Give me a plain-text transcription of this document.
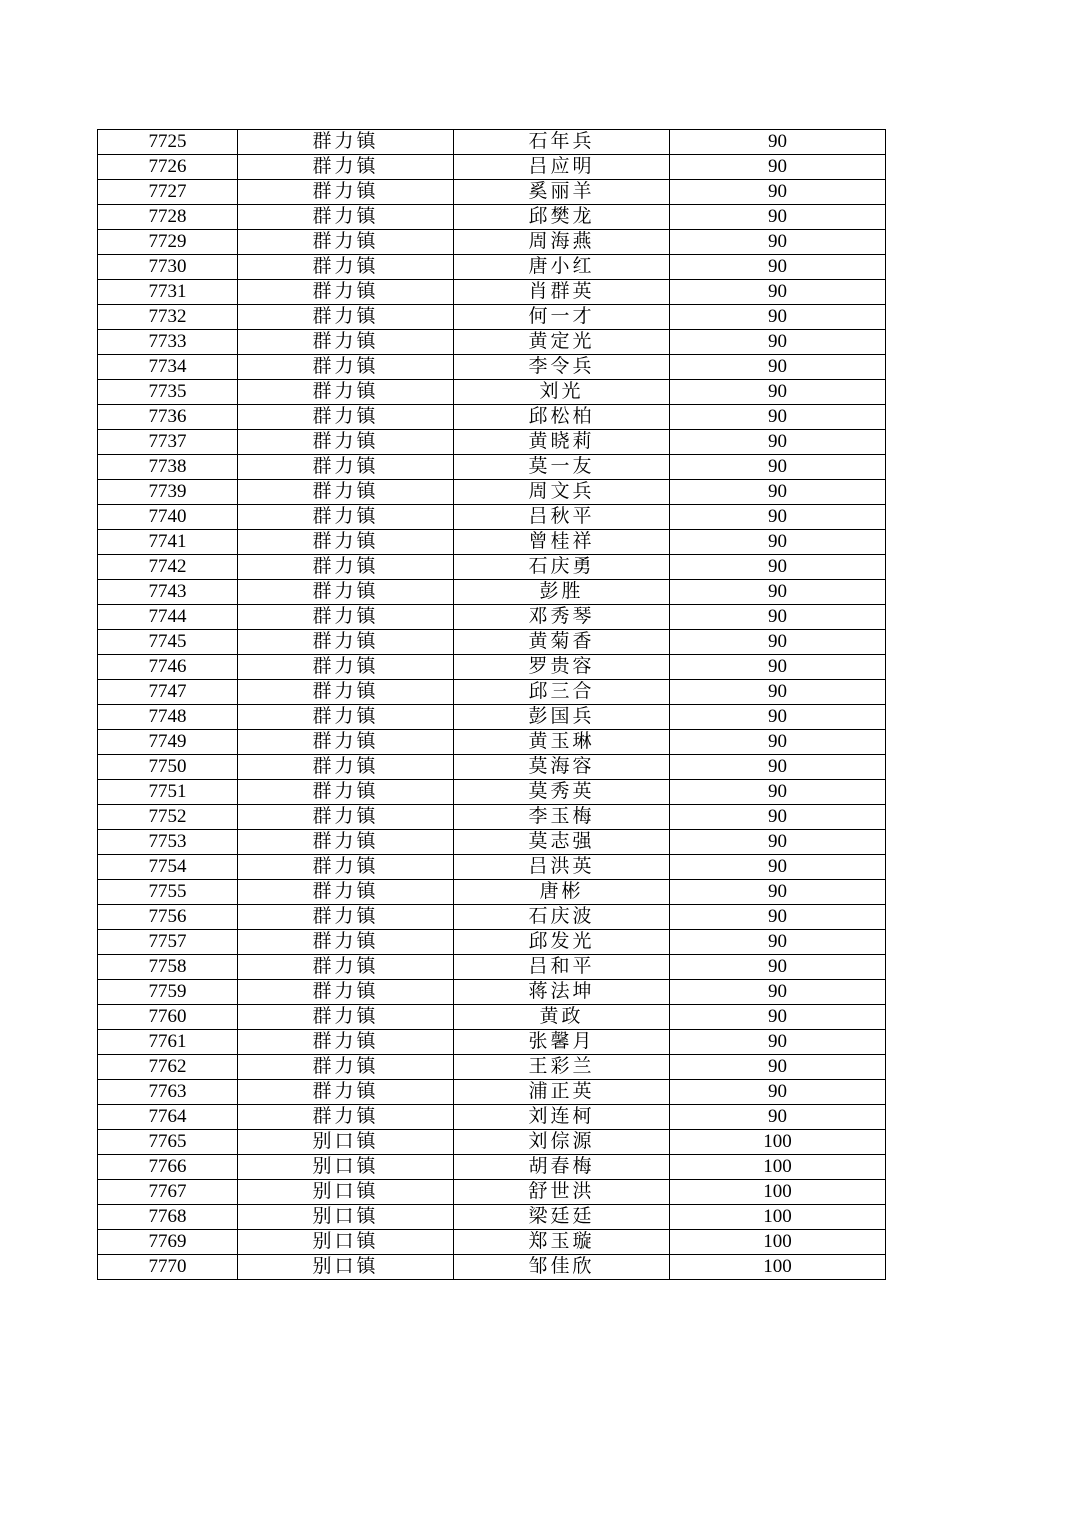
7725	群力镇	石年兵	90
7726	群力镇	吕应明	90
7727	群力镇	奚丽羊	90
7728	群力镇	邱樊龙	90
7729	群力镇	周海燕	90
7730	群力镇	唐小红	90
7731	群力镇	肖群英	90
7732	群力镇	何一才	90
7733	群力镇	黄定光	90
7734	群力镇	李令兵	90
7735	群力镇	刘光	90
7736	群力镇	邱松柏	90
7737	群力镇	黄晓莉	90
7738	群力镇	莫一友	90
7739	群力镇	周文兵	90
7740	群力镇	吕秋平	90
7741	群力镇	曾桂祥	90
7742	群力镇	石庆勇	90
7743	群力镇	彭胜	90
7744	群力镇	邓秀琴	90
7745	群力镇	黄菊香	90
7746	群力镇	罗贵容	90
7747	群力镇	邱三合	90
7748	群力镇	彭国兵	90
7749	群力镇	黄玉琳	90
7750	群力镇	莫海容	90
7751	群力镇	莫秀英	90
7752	群力镇	李玉梅	90
7753	群力镇	莫志强	90
7754	群力镇	吕洪英	90
7755	群力镇	唐彬	90
7756	群力镇	石庆波	90
7757	群力镇	邱发光	90
7758	群力镇	吕和平	90
7759	群力镇	蒋法坤	90
7760	群力镇	黄政	90
7761	群力镇	张馨月	90
7762	群力镇	王彩兰	90
7763	群力镇	浦正英	90
7764	群力镇	刘连柯	90
7765	别口镇	刘倧源	100
7766	别口镇	胡春梅	100
7767	别口镇	舒世洪	100
7768	别口镇	梁廷廷	100
7769	别口镇	郑玉璇	100
7770	别口镇	邹佳欣	100
